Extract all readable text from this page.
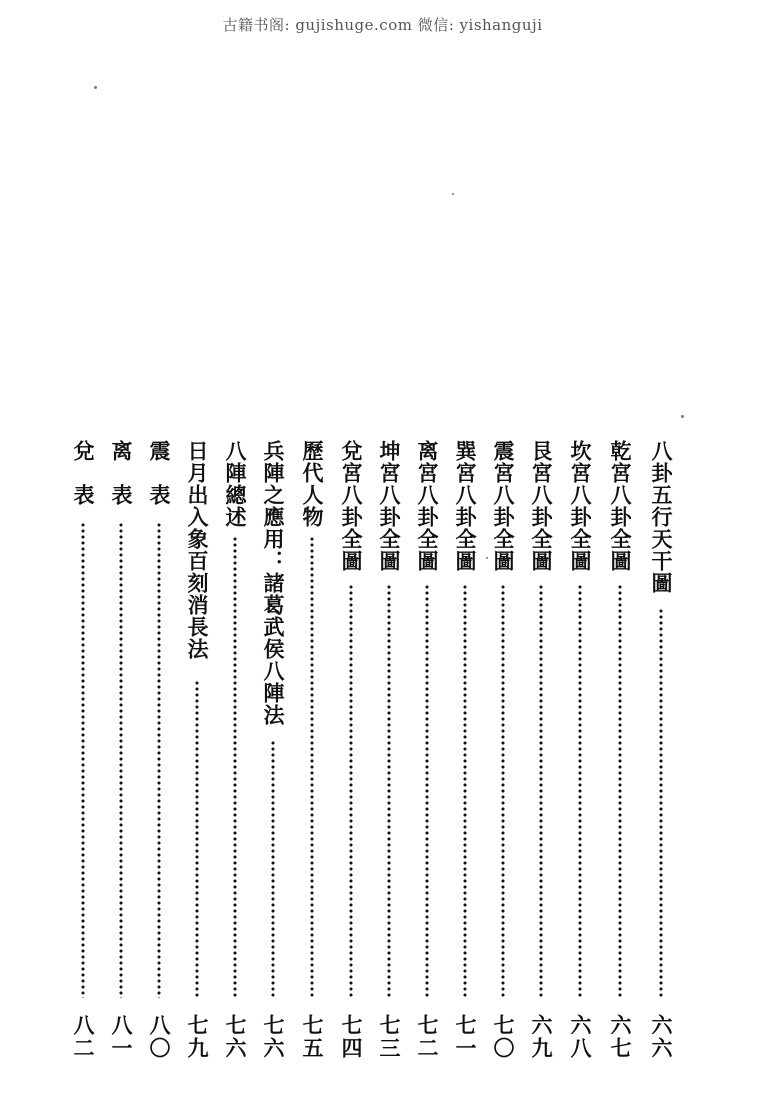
古籍书阁: gujishuge.com 微信: yishanguji
八卦五行天干圖
六六
乾宮八卦全圖
六七
坎宮八卦全圖
六八
艮宮八卦全圖
六九
震宮八卦全圖
七〇
巽宮八卦全圖
七一
离宮八卦全圖
七二
坤宮八卦全圖
七三
兌宮八卦全圖
七四
歷代人物
七五
兵陣之應用：諸葛武侯八陣法
七六
八陣總述
七六
日月出入象百刻消長法
七九
震　表
八〇
离　表
八一
兌　表
八二
